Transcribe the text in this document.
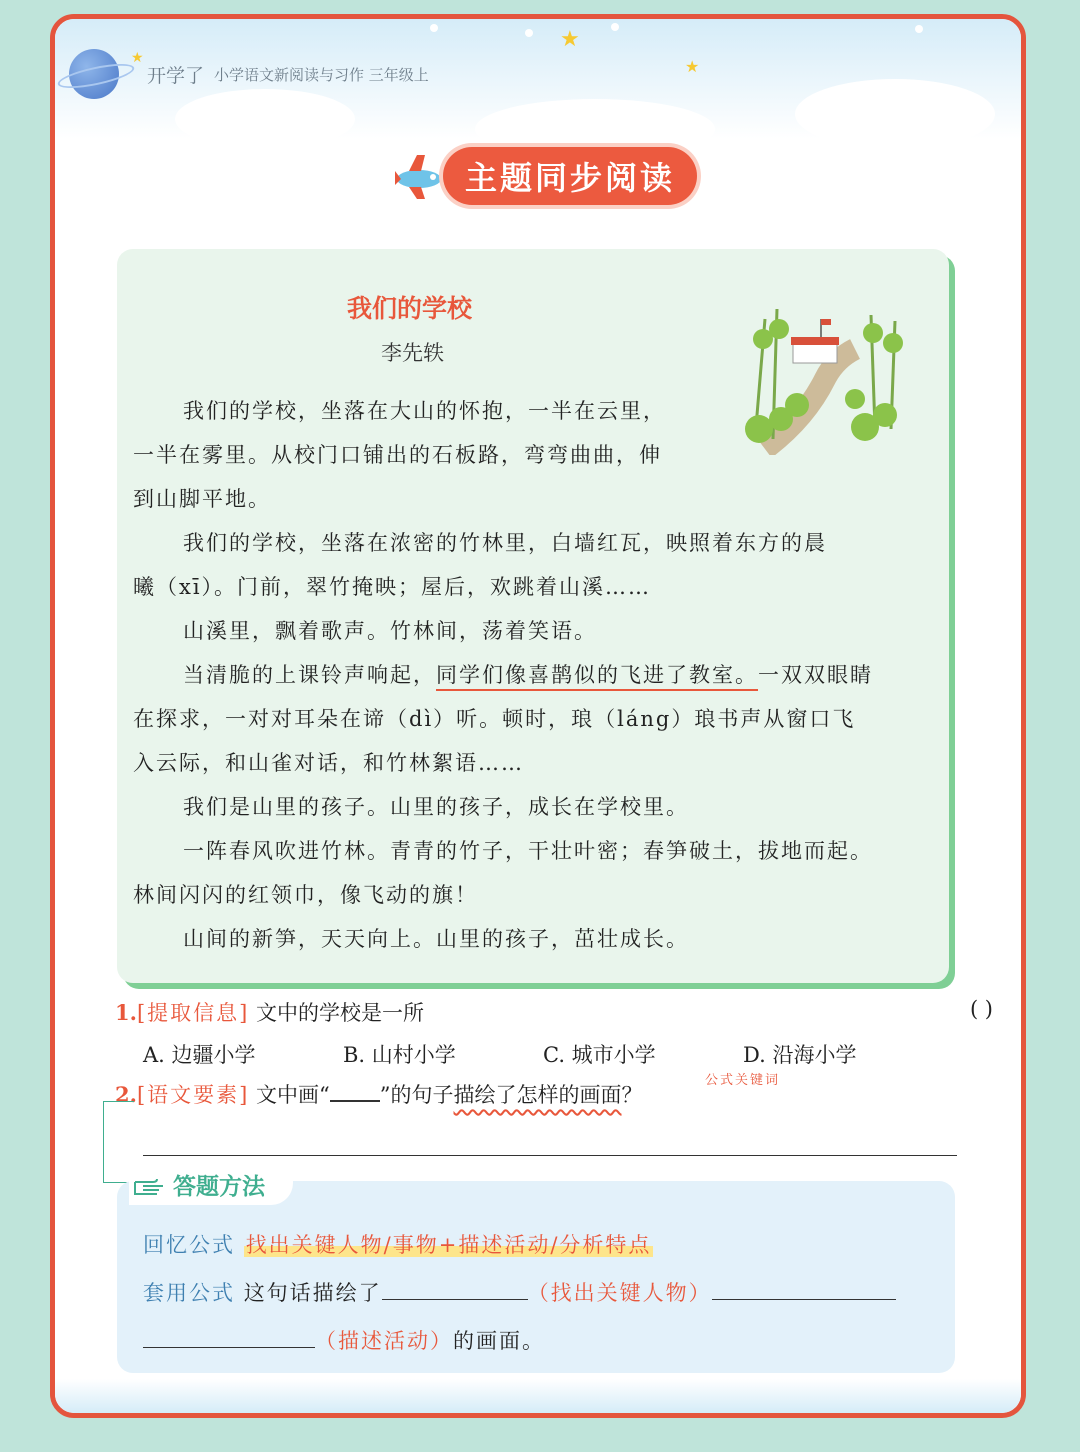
★
★
★
开学了 小学语文新阅读与习作 三年级上
主题同步阅读
我们的学校
李先轶
我们的学校，坐落在大山的怀抱，一半在云里，
一半在雾里。从校门口铺出的石板路，弯弯曲曲，伸
到山脚平地。
我们的学校，坐落在浓密的竹林里，白墙红瓦，映照着东方的晨
曦（xī）。门前，翠竹掩映；屋后，欢跳着山溪……
山溪里，飘着歌声。竹林间，荡着笑语。
当清脆的上课铃声响起，同学们像喜鹊似的飞进了教室。一双双眼睛
在探求，一对对耳朵在谛（dì）听。顿时，琅（láng）琅书声从窗口飞
入云际，和山雀对话，和竹林絮语……
我们是山里的孩子。山里的孩子，成长在学校里。
一阵春风吹进竹林。青青的竹子，干壮叶密；春笋破土，拔地而起。
林间闪闪的红领巾，像飞动的旗！
山间的新笋，天天向上。山里的孩子，茁壮成长。
1.[提取信息] 文中的学校是一所	( )
A. 边疆小学	B. 山村小学	C. 城市小学	D. 沿海小学
2.[语文要素] 文中画“ ”的句子描绘了怎样的画面？
公式关键词
答题方法
回忆公式 找出关键人物/事物+描述活动/分析特点
套用公式 这句话描绘了	（找出关键人物）
（描述活动）的画面。
